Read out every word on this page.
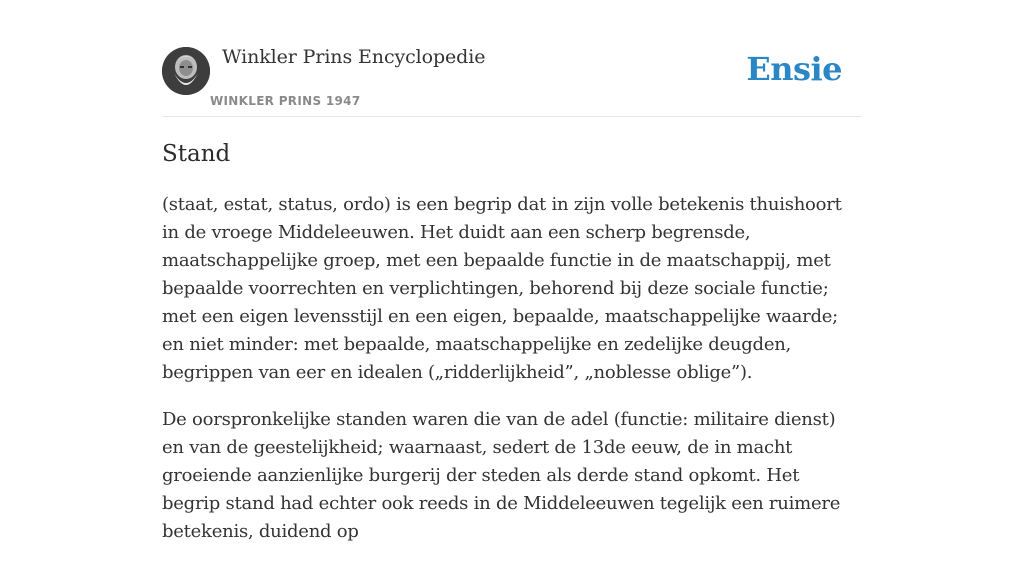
Winkler Prins Encyclopedie
WINKLER PRINS 1947
Ensie
Stand

(staat, estat, status, ordo) is een begrip dat in zijn volle betekenis thuishoort in de vroege Middeleeuwen. Het duidt aan een scherp begrensde, maatschappelijke groep, met een bepaalde functie in de maatschappij, met bepaalde voorrechten en verplichtingen, behorend bij deze sociale functie; met een eigen levensstijl en een eigen, bepaalde, maatschappelijke waarde; en niet minder: met bepaalde, maatschappelijke en zedelijke deugden, begrippen van eer en idealen („ridderlijkheid”, „noblesse oblige”).

De oorspronkelijke standen waren die van de adel (functie: militaire dienst) en van de geestelijkheid; waarnaast, sedert de 13de eeuw, de in macht groeiende aanzienlijke burgerij der steden als derde stand opkomt. Het begrip stand had echter ook reeds in de Middeleeuwen tegelijk een ruimere betekenis, duidend op
